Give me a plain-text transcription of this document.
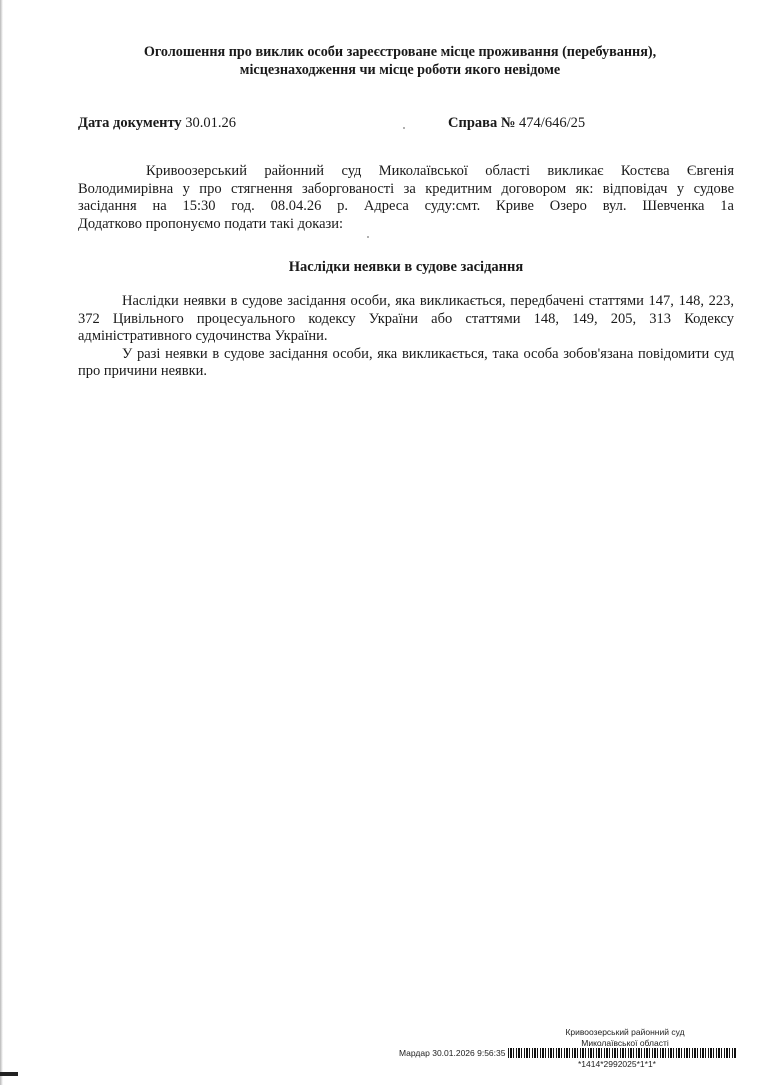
Оголошення про виклик особи зареєстроване місце проживання (перебування),
місцезнаходження чи місце роботи якого невідоме
Дата документу 30.01.26	Справа № 474/646/25

Кривоозерський районний суд Миколаївської області викликає Костєва Євгенія

Володимирівна у про стягнення заборгованості за кредитним договором як: відповідач у судове

засідання на 15:30 год. 08.04.26 р. Адреса суду:смт. Криве Озеро вул. Шевченка 1а

Додатково пропонуємо подати такі докази:

Наслідки неявки в судове засідання

Наслідки неявки в судове засідання особи, яка викликається, передбачені статтями 147, 148, 223, 372 Цивільного процесуального кодексу України або статтями 148, 149, 205, 313 Кодексу адміністративного судочинства України.

У разі неявки в судове засідання особи, яка викликається, така особа зобов'язана повідомити суд про причини неявки.

Кривоозерський районний суд
Миколаївської області
Мардар 30.01.2026 9:56:35
*1414*2992025*1*1*
